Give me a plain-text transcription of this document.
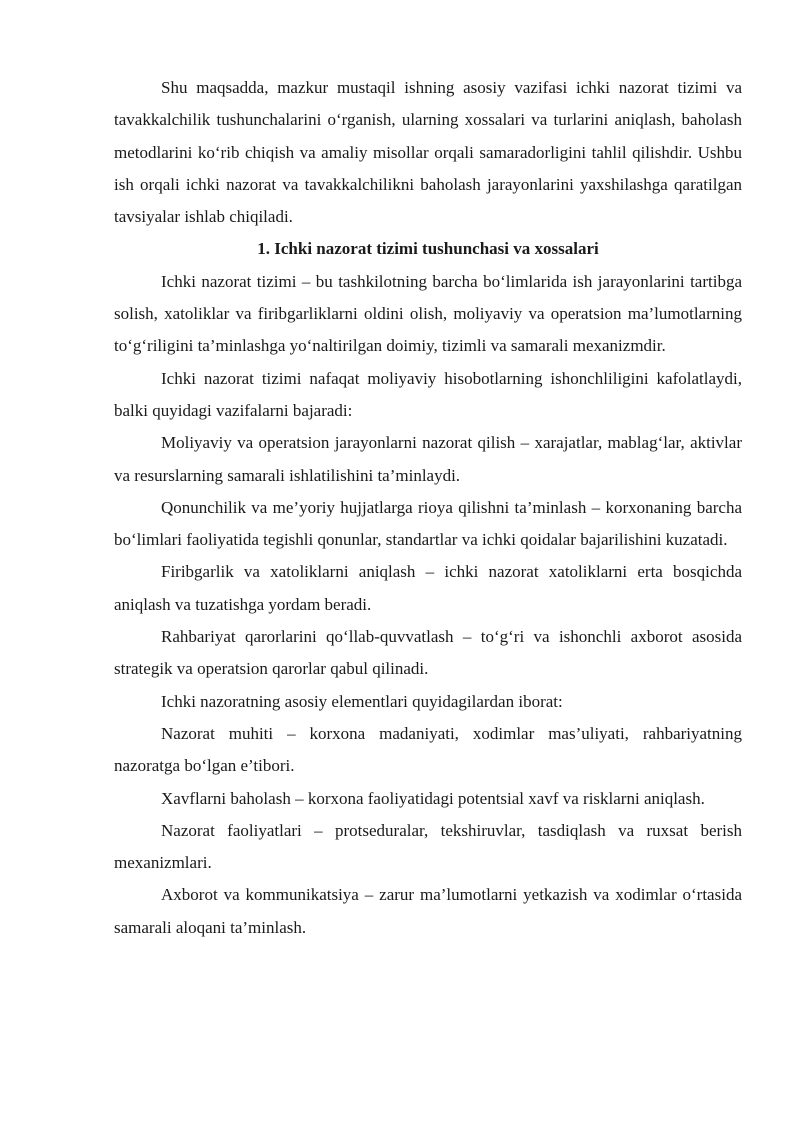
Shu maqsadda, mazkur mustaqil ishning asosiy vazifasi ichki nazorat tizimi va tavakkalchilik tushunchalarini o‘rganish, ularning xossalari va turlarini aniqlash, baholash metodlarini ko‘rib chiqish va amaliy misollar orqali samaradorligini tahlil qilishdir. Ushbu ish orqali ichki nazorat va tavakkalchilikni baholash jarayonlarini yaxshilashga qaratilgan tavsiyalar ishlab chiqiladi.

1. Ichki nazorat tizimi tushunchasi va xossalari

Ichki nazorat tizimi – bu tashkilotning barcha bo‘limlarida ish jarayonlarini tartibga solish, xatoliklar va firibgarliklarni oldini olish, moliyaviy va operatsion ma’lumotlarning to‘g‘riligini ta’minlashga yo‘naltirilgan doimiy, tizimli va samarali mexanizmdir.

Ichki nazorat tizimi nafaqat moliyaviy hisobotlarning ishonchliligini kafolatlaydi, balki quyidagi vazifalarni bajaradi:

Moliyaviy va operatsion jarayonlarni nazorat qilish – xarajatlar, mablag‘lar, aktivlar va resurslarning samarali ishlatilishini ta’minlaydi.

Qonunchilik va me’yoriy hujjatlarga rioya qilishni ta’minlash – korxonaning barcha bo‘limlari faoliyatida tegishli qonunlar, standartlar va ichki qoidalar bajarilishini kuzatadi.

Firibgarlik va xatoliklarni aniqlash – ichki nazorat xatoliklarni erta bosqichda aniqlash va tuzatishga yordam beradi.

Rahbariyat qarorlarini qo‘llab-quvvatlash – to‘g‘ri va ishonchli axborot asosida strategik va operatsion qarorlar qabul qilinadi.

Ichki nazoratning asosiy elementlari quyidagilardan iborat:

Nazorat muhiti – korxona madaniyati, xodimlar mas’uliyati, rahbariyatning nazoratga bo‘lgan e’tibori.

Xavflarni baholash – korxona faoliyatidagi potentsial xavf va risklarni aniqlash.

Nazorat faoliyatlari – protseduralar, tekshiruvlar, tasdiqlash va ruxsat berish mexanizmlari.

Axborot va kommunikatsiya – zarur ma’lumotlarni yetkazish va xodimlar o‘rtasida samarali aloqani ta’minlash.
